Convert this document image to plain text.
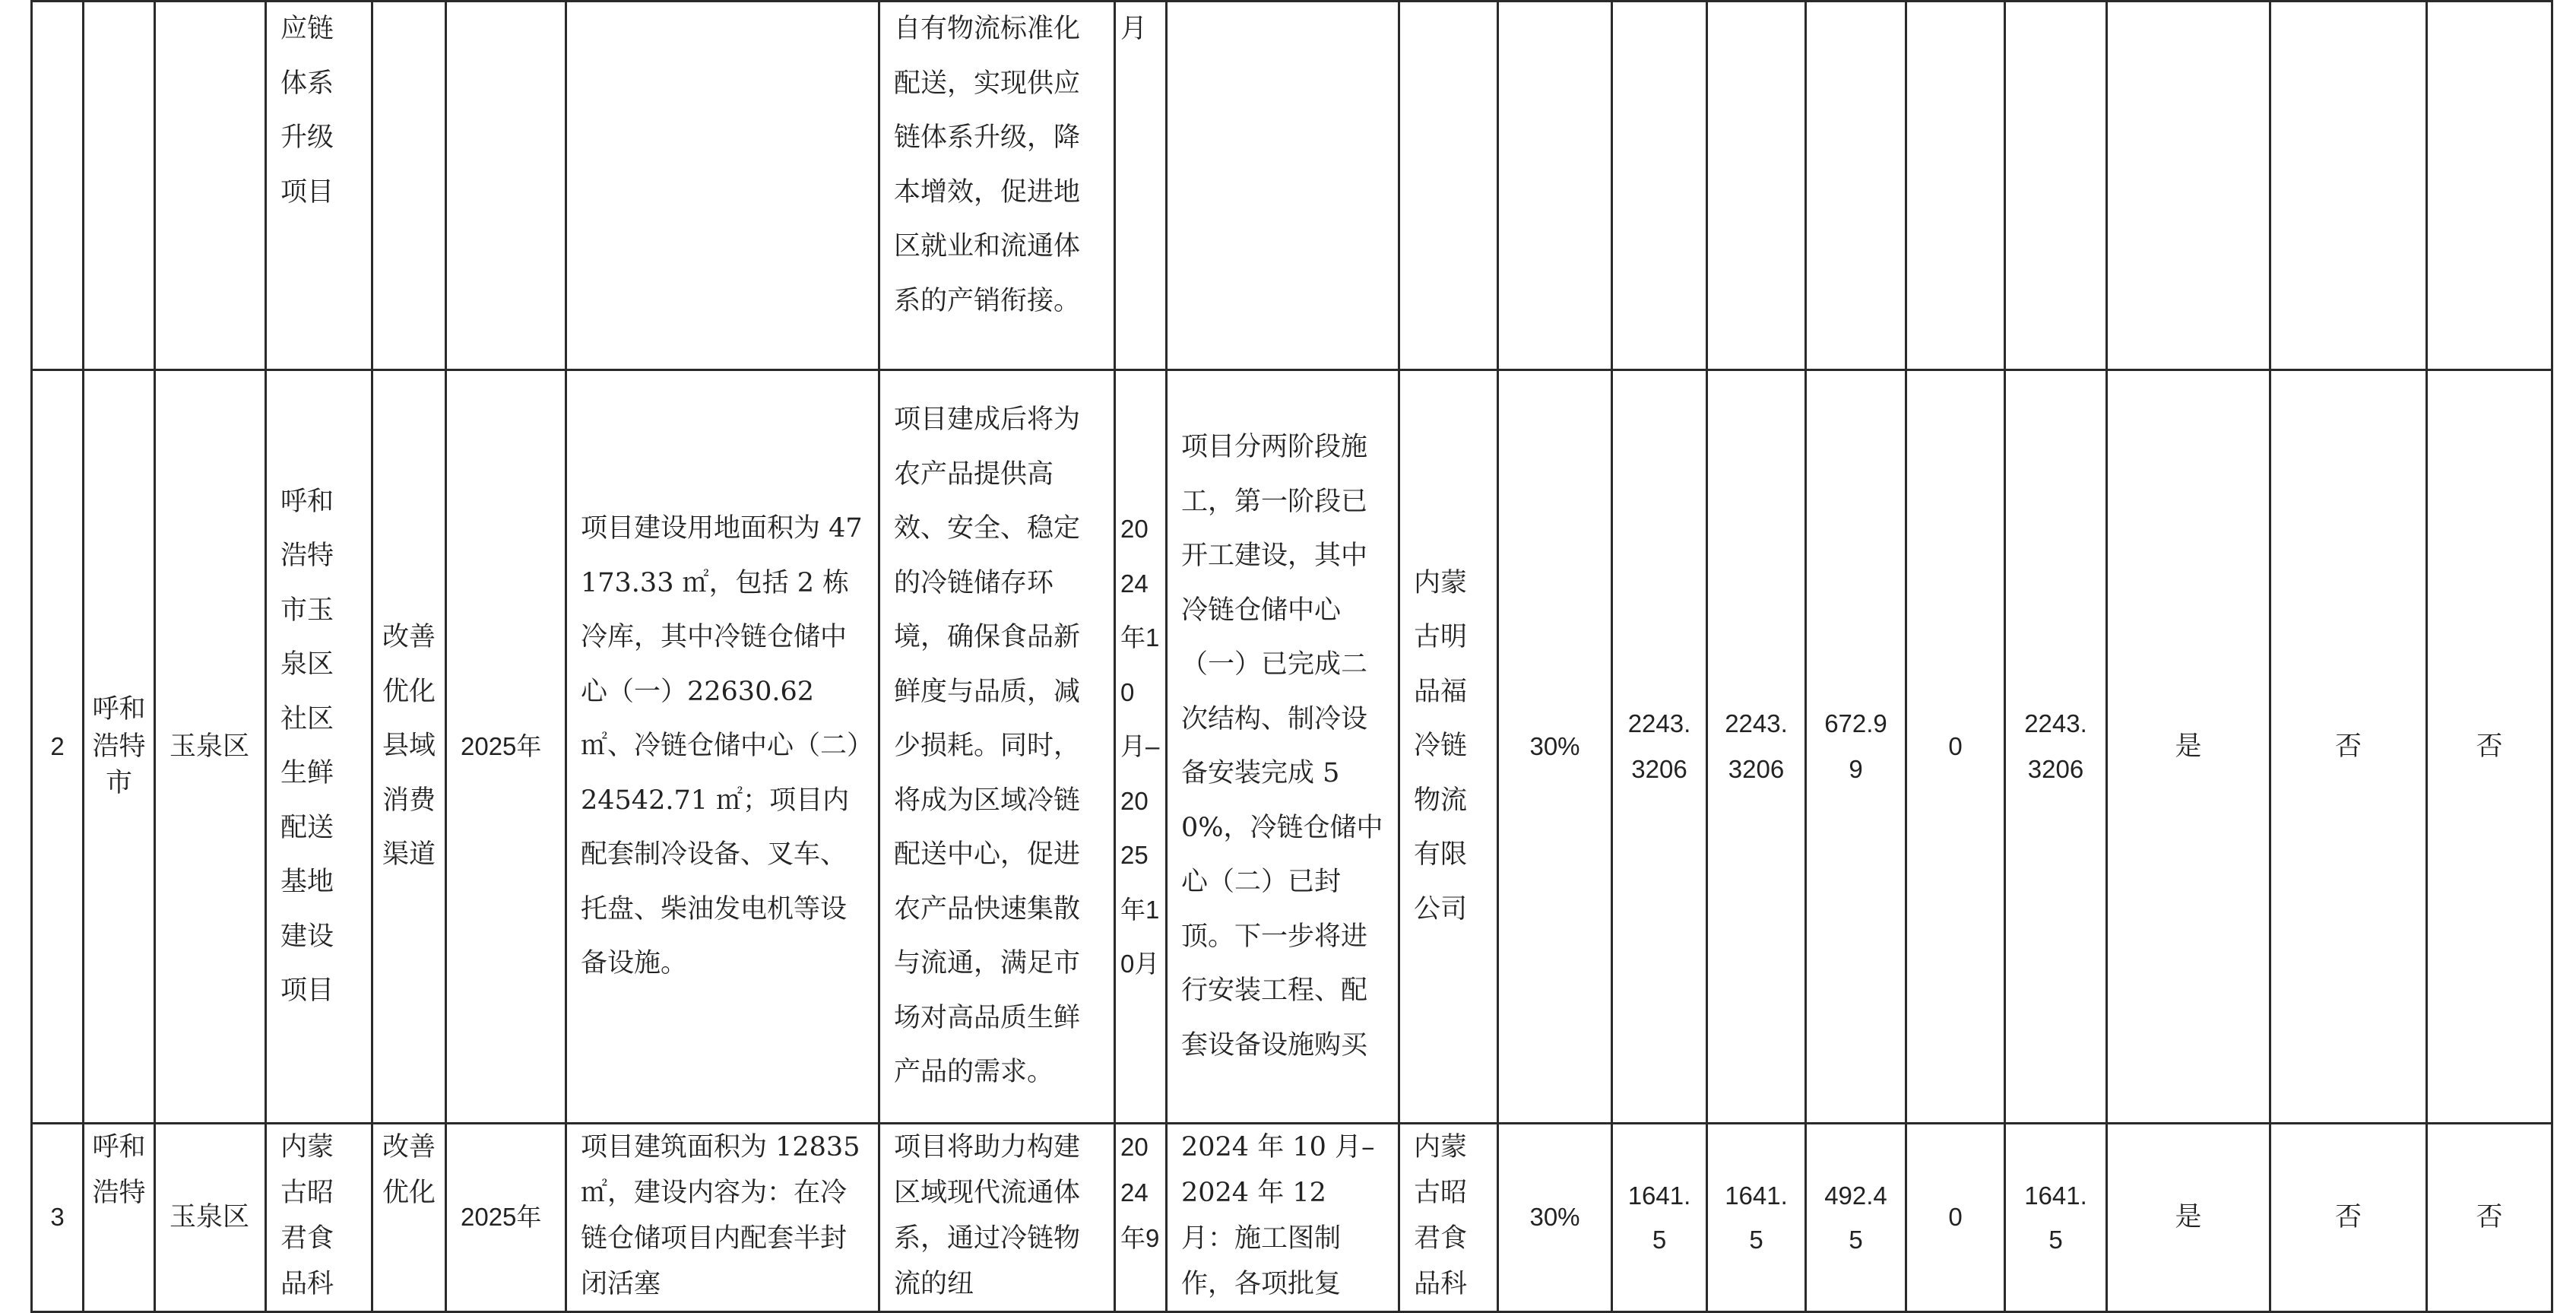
			应链体系升级项目				自有物流标准化配送，实现供应链体系升级，降本增效，促进地区就业和流通体系的产销衔接。	月											

2	呼和浩特市	玉泉区	呼和浩特市玉泉区社区生鲜配送基地建设项目	改善优化县域消费渠道	2025年	项目建设用地面积为 47173.33 ㎡，包括 2 栋冷库，其中冷链仓储中心（一）22630.62 ㎡、冷链仓储中心（二）24542.71 ㎡；项目内配套制冷设备、叉车、托盘、柴油发电机等设备设施。	项目建成后将为农产品提供高效、安全、稳定的冷链储存环境，确保食品新鲜度与品质，减少损耗。同时，将成为区域冷链配送中心，促进农产品快速集散与流通，满足市场对高品质生鲜产品的需求。	2024年10月–2025年10月	项目分两阶段施工，第一阶段已开工建设，其中冷链仓储中心（一）已完成二次结构、制冷设备安装完成 50%，冷链仓储中心（二）已封顶。下一步将进行安装工程、配套设备设施购买	内蒙古明品福冷链物流有限公司	30%	2243.3206	2243.3206	672.99	0	2243.3206	是	否	否

3	呼和浩特	玉泉区	内蒙古昭君食品科	改善优化	2025年	项目建筑面积为 12835 ㎡，建设内容为：在冷链仓储项目内配套半封闭活塞	项目将助力构建区域现代流通体系，通过冷链物流的纽	2024年9	2024 年 10 月–2024 年 12 月：施工图制作，各项批复	内蒙古昭君食品科	30%	1641.5	1641.5	492.45	0	1641.5	是	否	否
